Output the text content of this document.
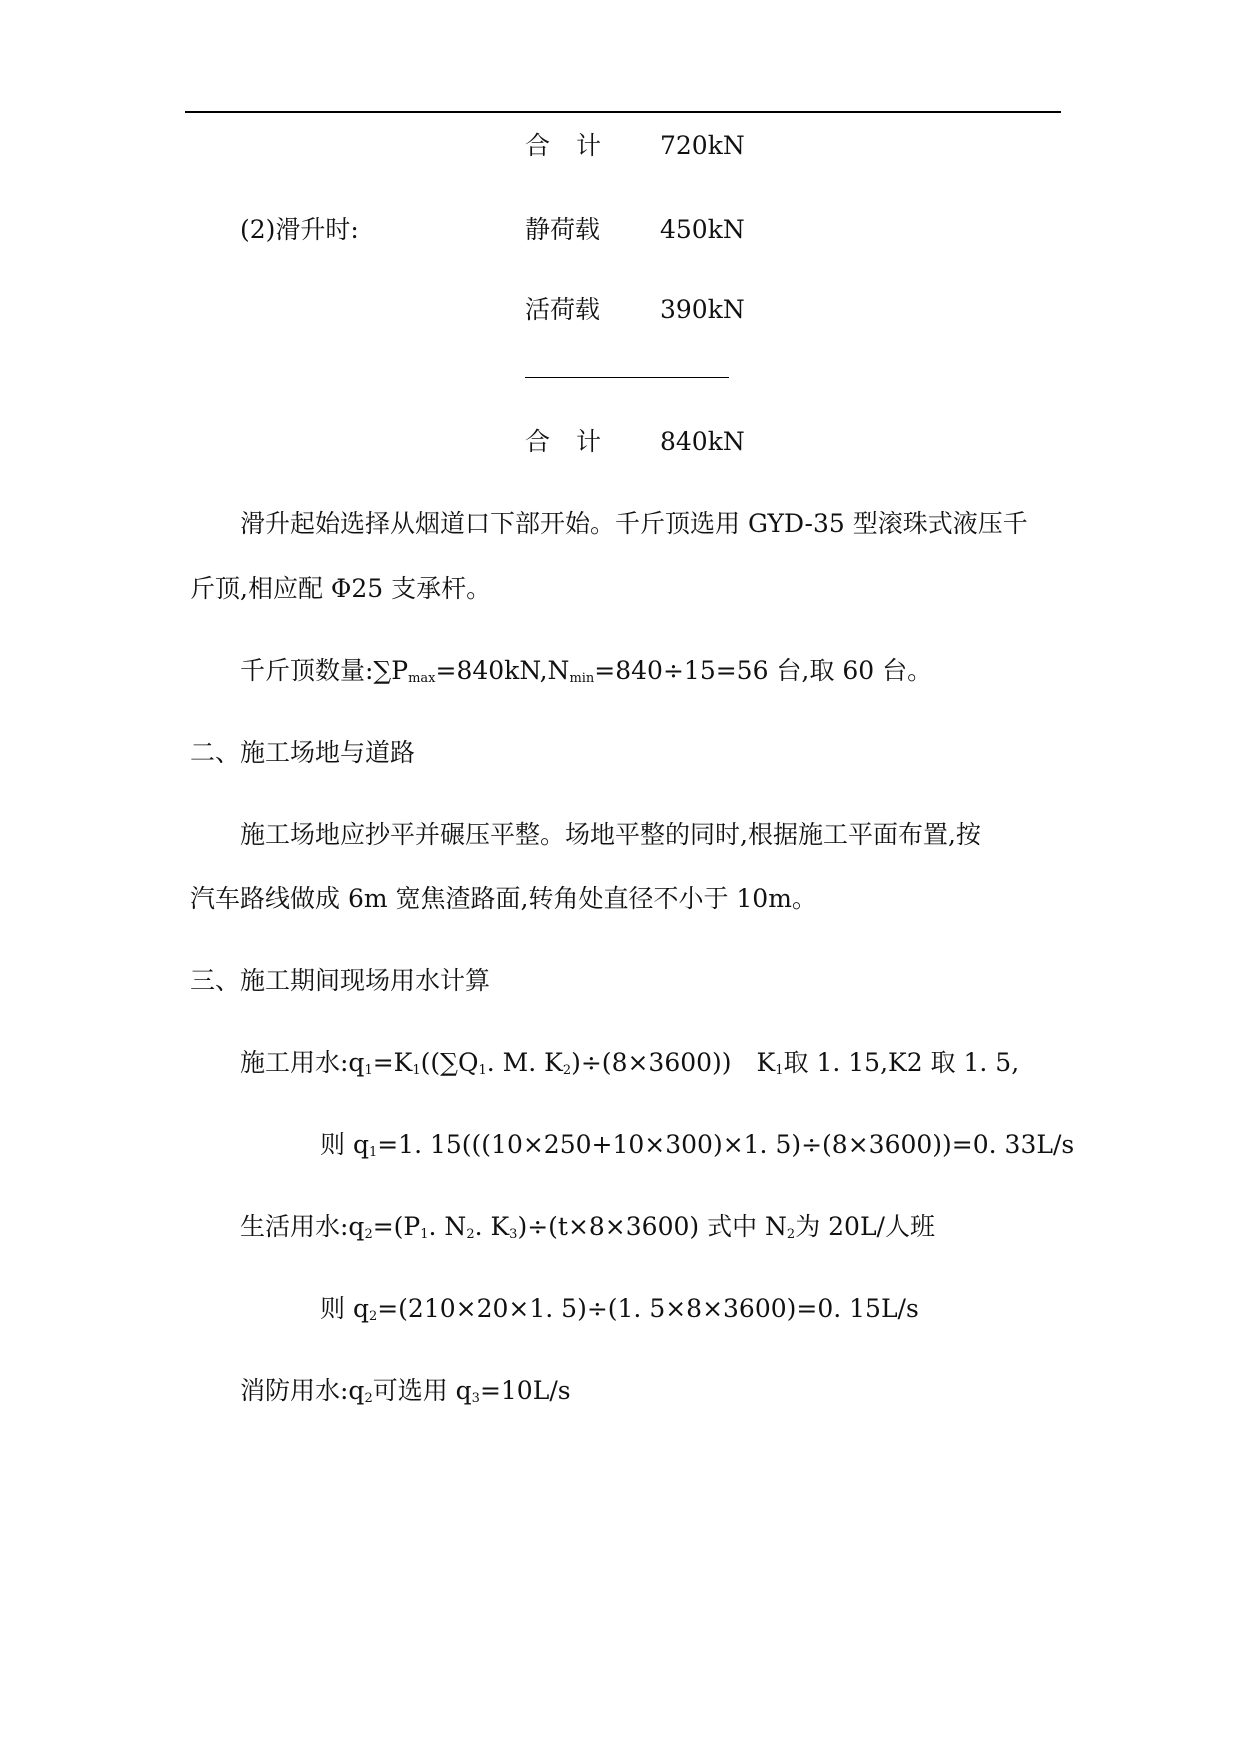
合计 720kN
(2)滑升时:	静荷载 450kN
活荷载 390kN
合计 840kN
滑升起始选择从烟道口下部开始。千斤顶选用 GYD-35 型滚珠式液压千
斤顶,相应配 Φ25 支承杆。
千斤顶数量$:\sum P_{max}=840kN,N_{min}=840\div 15=56$ 台,取 60 台。
二、施工场地与道路
施工场地应抄平并碾压平整。场地平整的同时,根据施工平面布置,按
汽车路线做成 6m 宽焦渣路面,转角处直径不小于 10m。
三、施工期间现场用水计算
施工用水$:q_1=K_1((\sum Q_1$. M. $K_2)\div(8\times 3600)$)　$K_1$取 1. 15,K2 取 1. 5,
则 $q_1=1$. 15(((10×250+10×300)×1. 5)÷(8×3600))=0. 33L/s
生活用水$:q_2=(P_1$. $N_2$. $K_3)\div(t\times 8\times 3600)$ 式中 $N_2$为 20L/人班
则 $q_2=(210\times 20\times 1$. 5)÷(1. 5×8×3600)=0. 15L/s
消防用水$:q_2$可选用 $q_3=10L/s$
